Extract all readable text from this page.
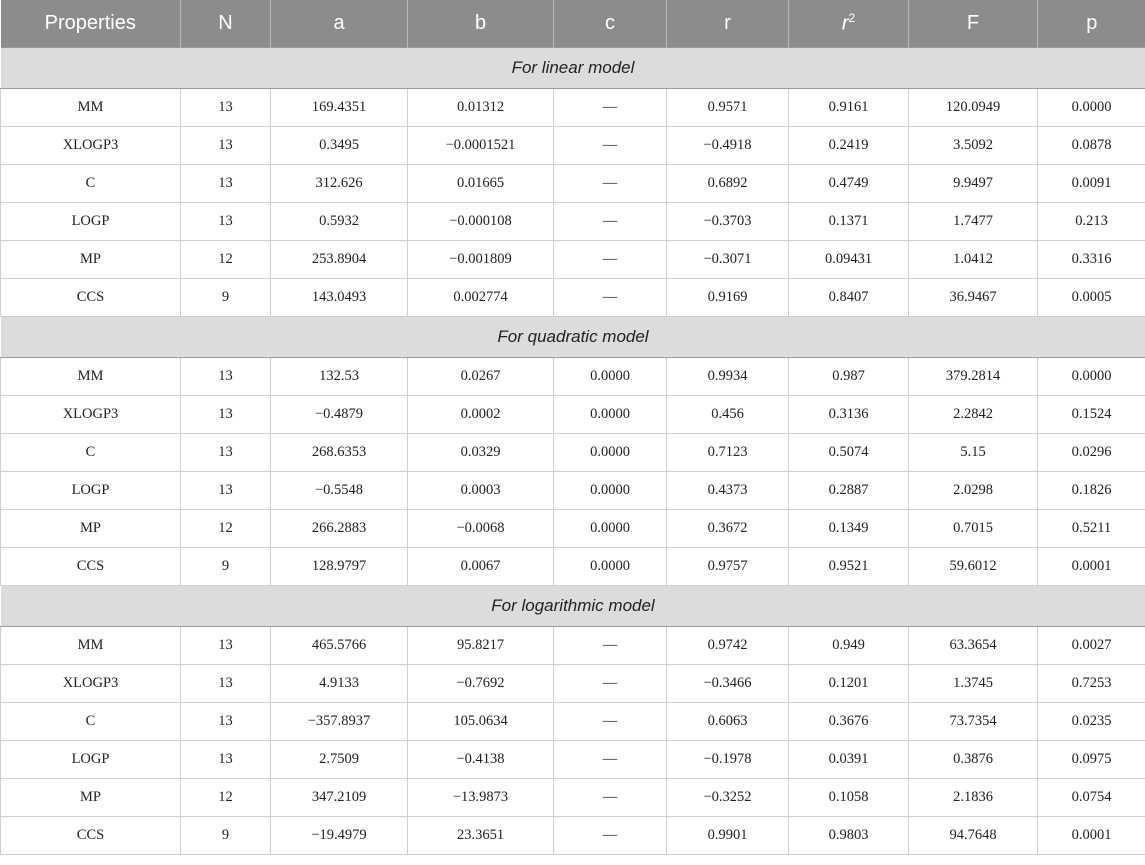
Properties	N	a	b	c	r	$r^2$	F	p
For linear model								
MM	13	169.4351	0.01312	—	0.9571	0.9161	120.0949	0.0000
XLOGP3	13	0.3495	−0.0001521	—	−0.4918	0.2419	3.5092	0.0878
C	13	312.626	0.01665	—	0.6892	0.4749	9.9497	0.0091
LOGP	13	0.5932	−0.000108	—	−0.3703	0.1371	1.7477	0.213
MP	12	253.8904	−0.001809	—	−0.3071	0.09431	1.0412	0.3316
CCS	9	143.0493	0.002774	—	0.9169	0.8407	36.9467	0.0005
For quadratic model								
MM	13	132.53	0.0267	0.0000	0.9934	0.987	379.2814	0.0000
XLOGP3	13	−0.4879	0.0002	0.0000	0.456	0.3136	2.2842	0.1524
C	13	268.6353	0.0329	0.0000	0.7123	0.5074	5.15	0.0296
LOGP	13	−0.5548	0.0003	0.0000	0.4373	0.2887	2.0298	0.1826
MP	12	266.2883	−0.0068	0.0000	0.3672	0.1349	0.7015	0.5211
CCS	9	128.9797	0.0067	0.0000	0.9757	0.9521	59.6012	0.0001
For logarithmic model								
MM	13	465.5766	95.8217	—	0.9742	0.949	63.3654	0.0027
XLOGP3	13	4.9133	−0.7692	—	−0.3466	0.1201	1.3745	0.7253
C	13	−357.8937	105.0634	—	0.6063	0.3676	73.7354	0.0235
LOGP	13	2.7509	−0.4138	—	−0.1978	0.0391	0.3876	0.0975
MP	12	347.2109	−13.9873	—	−0.3252	0.1058	2.1836	0.0754
CCS	9	−19.4979	23.3651	—	0.9901	0.9803	94.7648	0.0001
